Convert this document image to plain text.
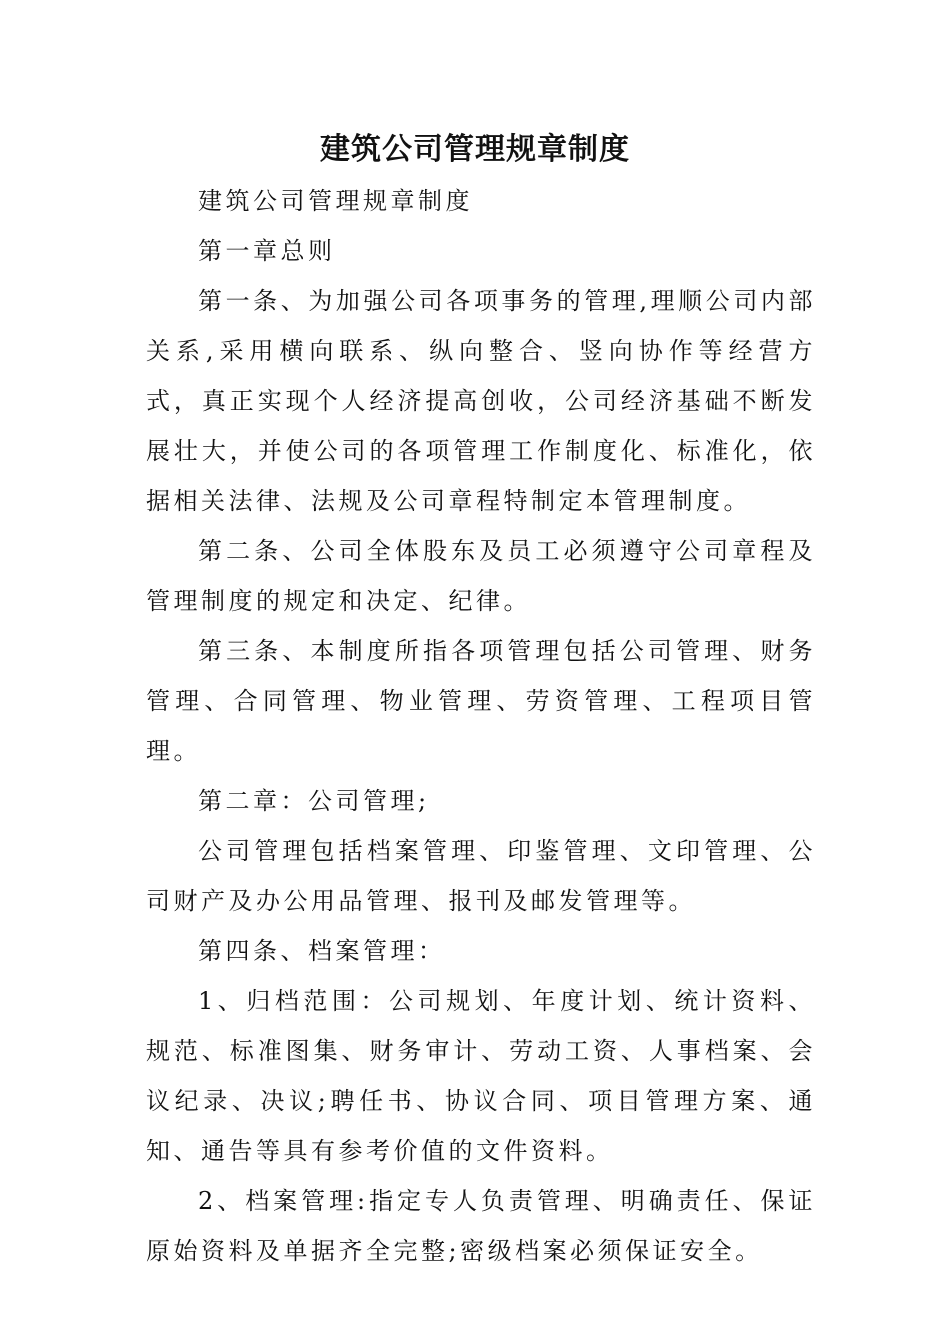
建筑公司管理规章制度

建筑公司管理规章制度

第一章总则

第一条、为加强公司各项事务的管理,理顺公司内部关系,采用横向联系、纵向整合、竖向协作等经营方式，真正实现个人经济提高创收，公司经济基础不断发展壮大，并使公司的各项管理工作制度化、标准化，依据相关法律、法规及公司章程特制定本管理制度。

第二条、公司全体股东及员工必须遵守公司章程及管理制度的规定和决定、纪律。

第三条、本制度所指各项管理包括公司管理、财务管理、合同管理、物业管理、劳资管理、工程项目管理。

第二章：公司管理;

公司管理包括档案管理、印鉴管理、文印管理、公司财产及办公用品管理、报刊及邮发管理等。

第四条、档案管理：

1、归档范围：公司规划、年度计划、统计资料、规范、标准图集、财务审计、劳动工资、人事档案、会议纪录、决议;聘任书、协议合同、项目管理方案、通知、通告等具有参考价值的文件资料。

2、档案管理:指定专人负责管理、明确责任、保证原始资料及单据齐全完整;密级档案必须保证安全。
